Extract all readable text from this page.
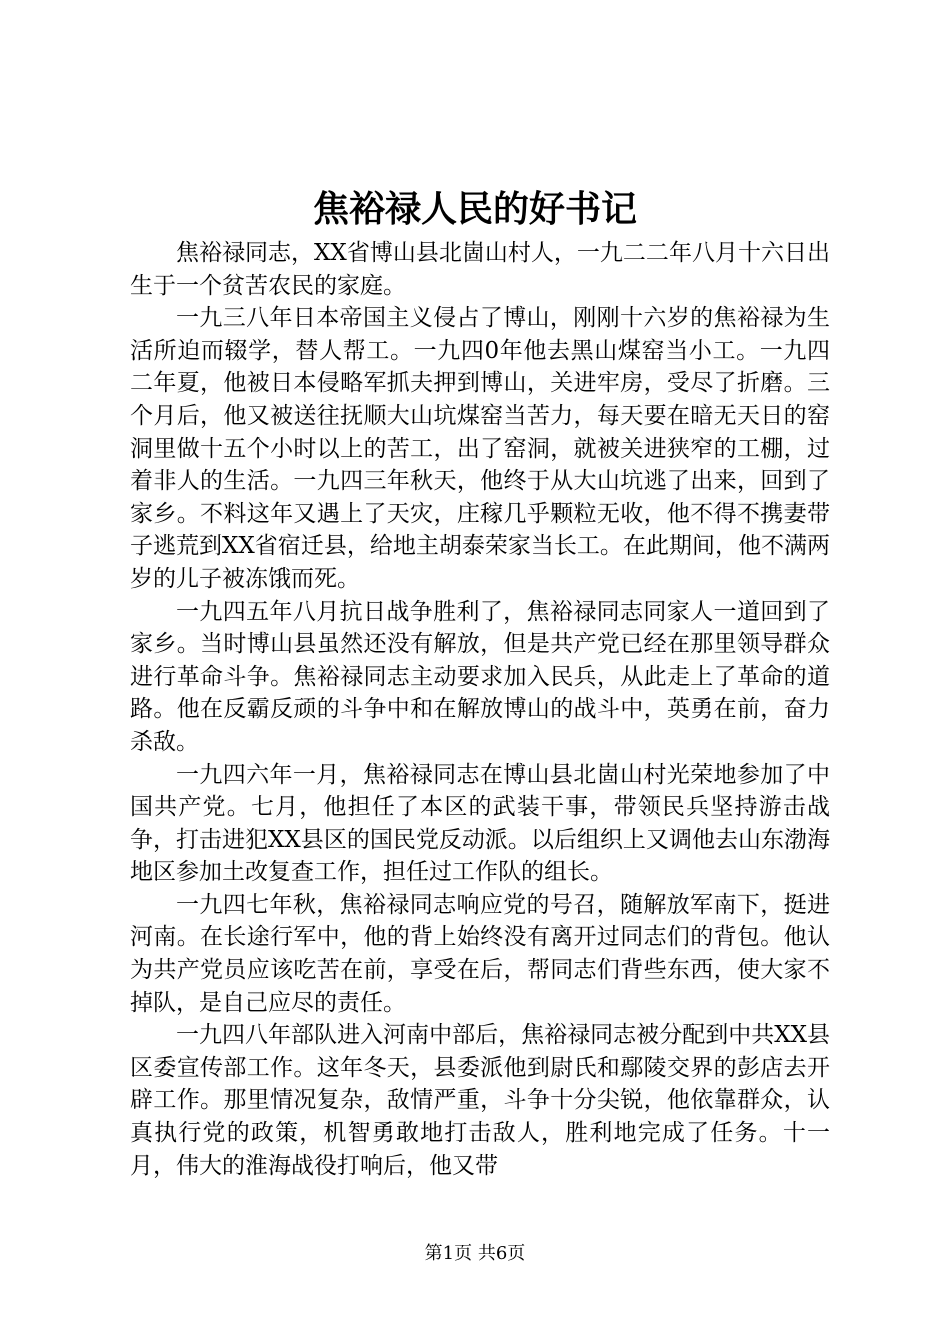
焦裕禄人民的好书记

焦裕禄同志，XX省博山县北崮山村人，一九二二年八月十六日出生于一个贫苦农民的家庭。

一九三八年日本帝国主义侵占了博山，刚刚十六岁的焦裕禄为生活所迫而辍学，替人帮工。一九四0年他去黑山煤窑当小工。一九四二年夏，他被日本侵略军抓夫押到博山，关进牢房，受尽了折磨。三个月后，他又被送往抚顺大山坑煤窑当苦力，每天要在暗无天日的窑洞里做十五个小时以上的苦工，出了窑洞，就被关进狭窄的工棚，过着非人的生活。一九四三年秋天，他终于从大山坑逃了出来，回到了家乡。不料这年又遇上了天灾，庄稼几乎颗粒无收，他不得不携妻带子逃荒到XX省宿迁县，给地主胡泰荣家当长工。在此期间，他不满两岁的儿子被冻饿而死。

一九四五年八月抗日战争胜利了，焦裕禄同志同家人一道回到了家乡。当时博山县虽然还没有解放，但是共产党已经在那里领导群众进行革命斗争。焦裕禄同志主动要求加入民兵，从此走上了革命的道路。他在反霸反顽的斗争中和在解放博山的战斗中，英勇在前，奋力杀敌。

一九四六年一月，焦裕禄同志在博山县北崮山村光荣地参加了中国共产党。七月，他担任了本区的武装干事，带领民兵坚持游击战争，打击进犯XX县区的国民党反动派。以后组织上又调他去山东渤海地区参加土改复查工作，担任过工作队的组长。

一九四七年秋，焦裕禄同志响应党的号召，随解放军南下，挺进河南。在长途行军中，他的背上始终没有离开过同志们的背包。他认为共产党员应该吃苦在前，享受在后，帮同志们背些东西，使大家不掉队，是自己应尽的责任。

一九四八年部队进入河南中部后，焦裕禄同志被分配到中共XX县区委宣传部工作。这年冬天，县委派他到尉氏和鄢陵交界的彭店去开辟工作。那里情况复杂，敌情严重，斗争十分尖锐，他依靠群众，认真执行党的政策，机智勇敢地打击敌人，胜利地完成了任务。十一月，伟大的淮海战役打响后，他又带

第1页 共6页
